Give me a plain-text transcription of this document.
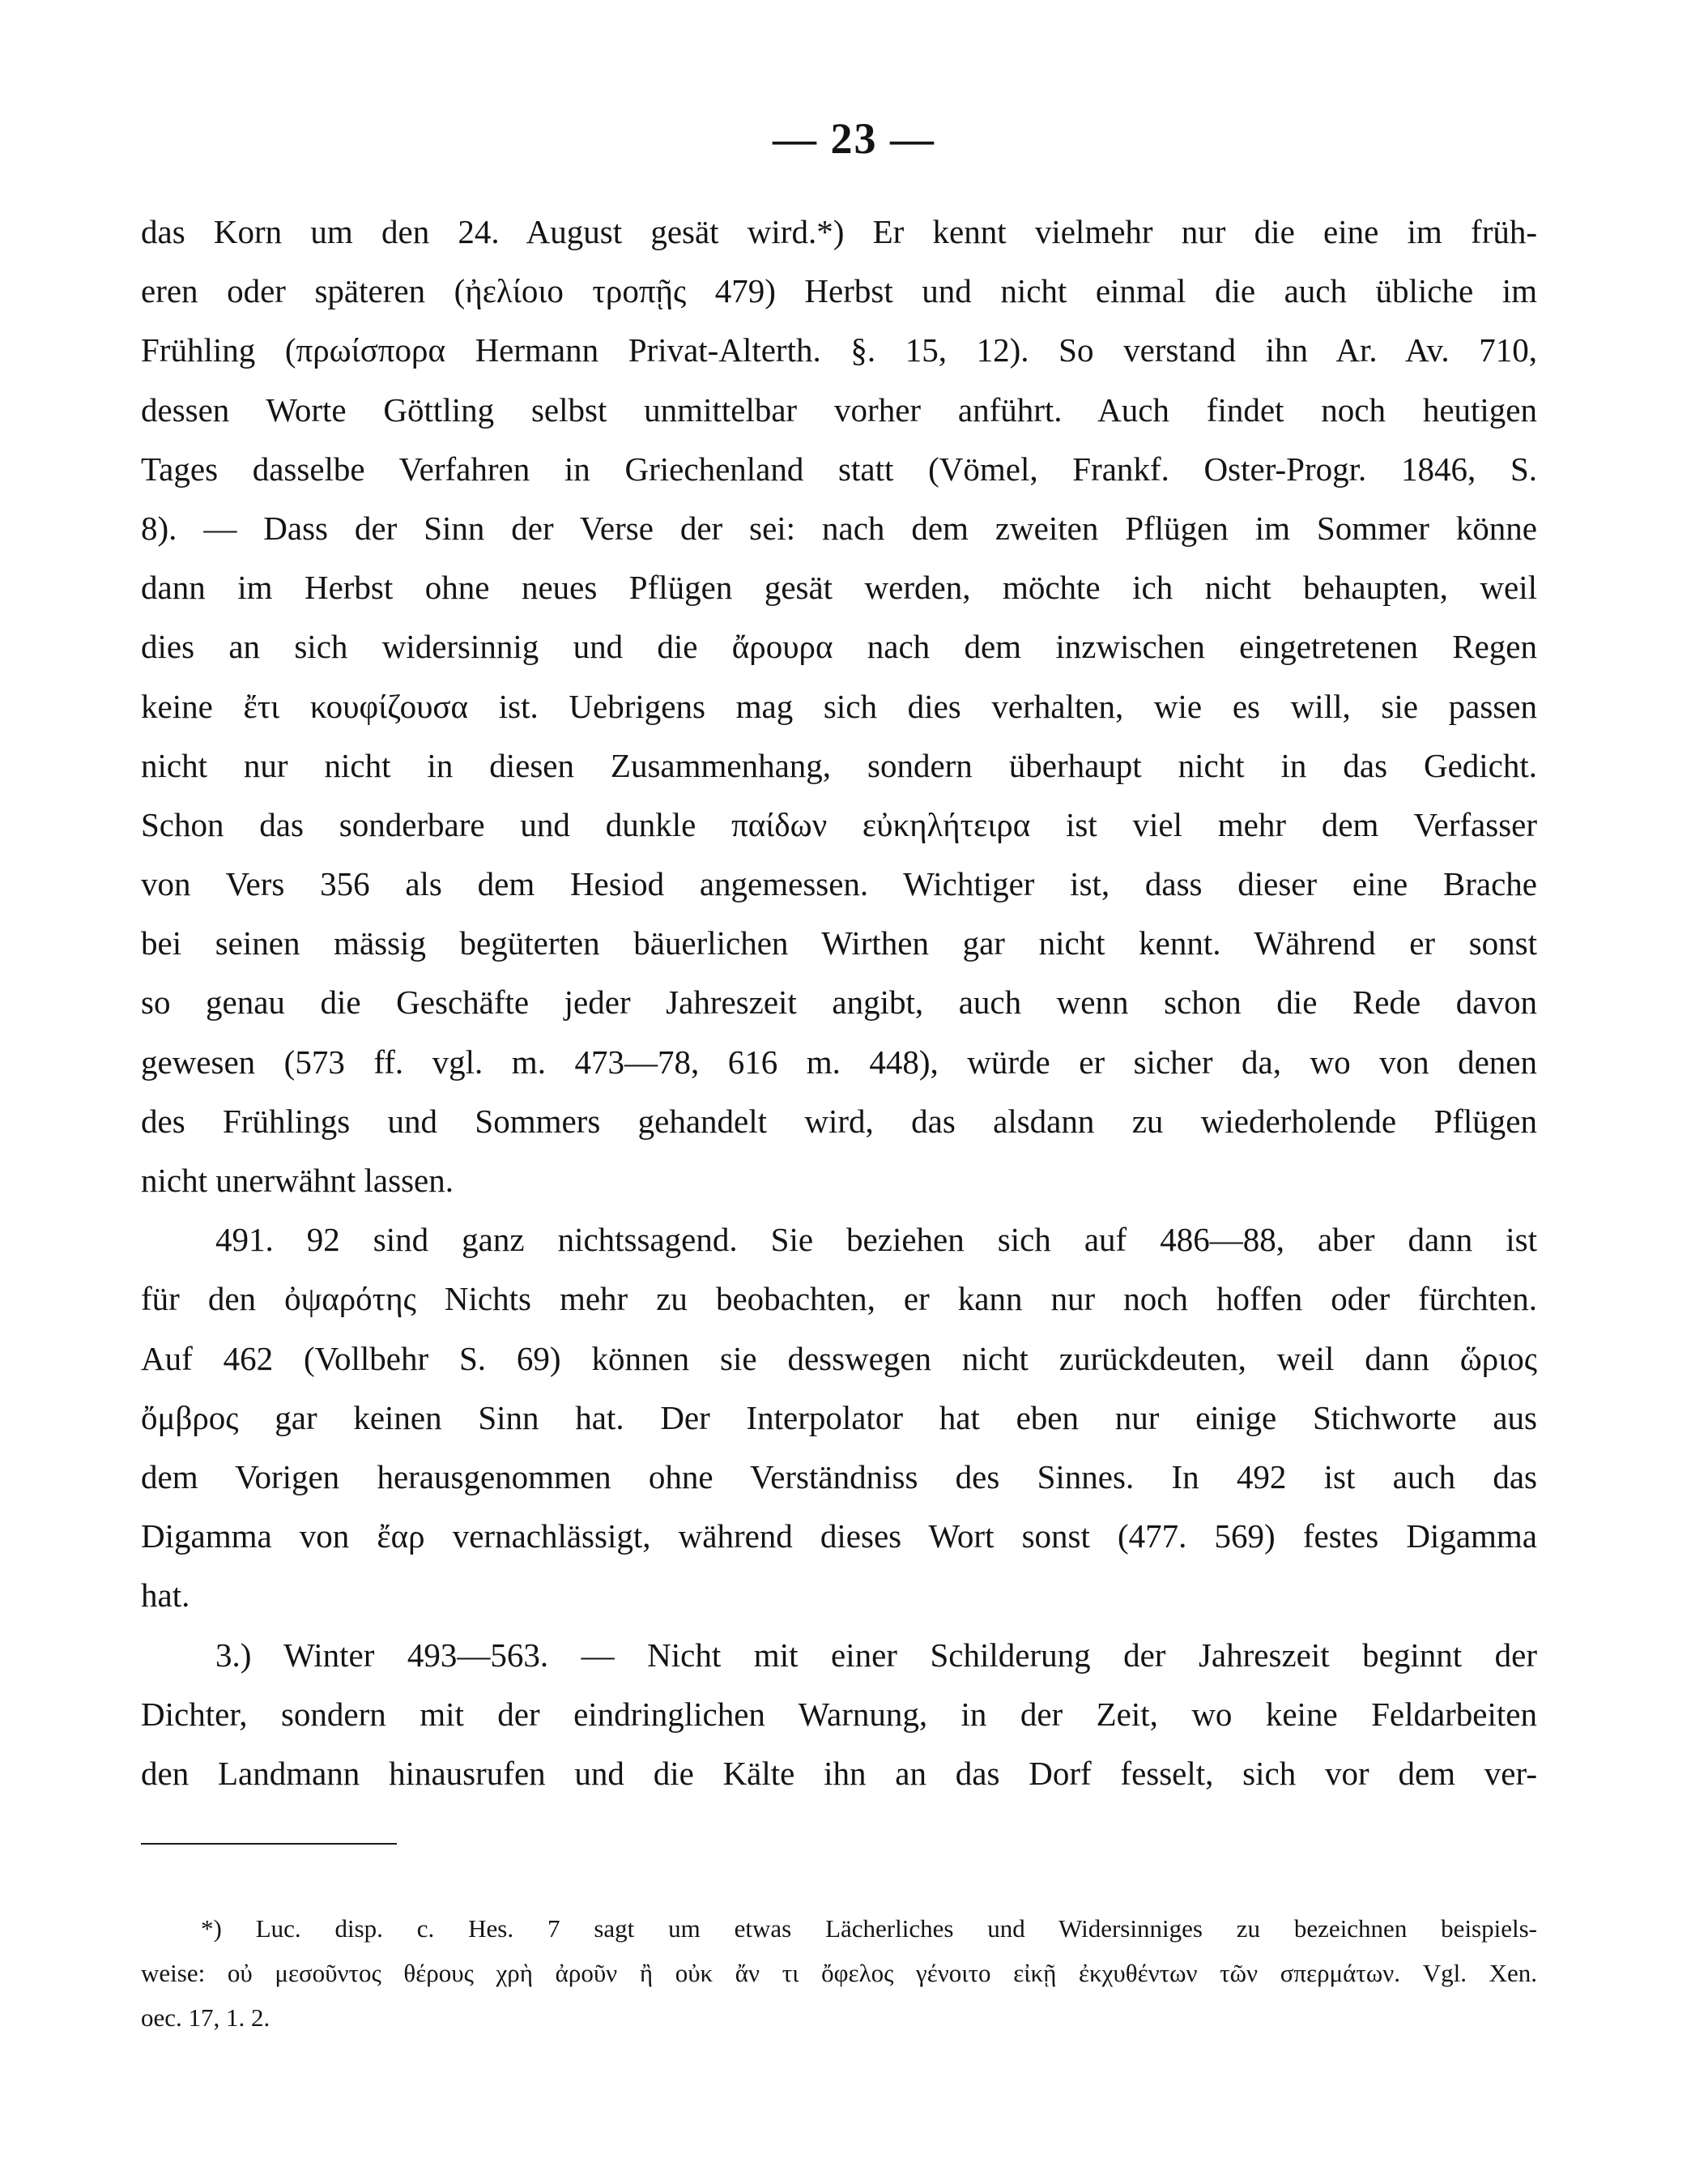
— 23 —
das Korn um den 24. August gesät wird.*) Er kennt vielmehr nur die eine im früh-
eren oder späteren (ἠελίοιο τροπῇς 479) Herbst und nicht einmal die auch übliche im
Frühling (πρωίσπορα Hermann Privat-Alterth. §. 15, 12). So verstand ihn Ar. Av. 710,
dessen Worte Göttling selbst unmittelbar vorher anführt. Auch findet noch heutigen
Tages dasselbe Verfahren in Griechenland statt (Vömel, Frankf. Oster-Progr. 1846, S.
8). — Dass der Sinn der Verse der sei: nach dem zweiten Pflügen im Sommer könne
dann im Herbst ohne neues Pflügen gesät werden, möchte ich nicht behaupten, weil
dies an sich widersinnig und die ἄρουρα nach dem inzwischen eingetretenen Regen
keine ἔτι κουφίζουσα ist. Uebrigens mag sich dies verhalten, wie es will, sie passen
nicht nur nicht in diesen Zusammenhang, sondern überhaupt nicht in das Gedicht.
Schon das sonderbare und dunkle παίδων εὐκηλήτειρα ist viel mehr dem Verfasser
von Vers 356 als dem Hesiod angemessen. Wichtiger ist, dass dieser eine Brache
bei seinen mässig begüterten bäuerlichen Wirthen gar nicht kennt. Während er sonst
so genau die Geschäfte jeder Jahreszeit angibt, auch wenn schon die Rede davon
gewesen (573 ff. vgl. m. 473—78, 616 m. 448), würde er sicher da, wo von denen
des Frühlings und Sommers gehandelt wird, das alsdann zu wiederholende Pflügen
nicht unerwähnt lassen.
491. 92 sind ganz nichtssagend. Sie beziehen sich auf 486—88, aber dann ist
für den ὀψαρότης Nichts mehr zu beobachten, er kann nur noch hoffen oder fürchten.
Auf 462 (Vollbehr S. 69) können sie desswegen nicht zurückdeuten, weil dann ὥριος
ὄμβρος gar keinen Sinn hat. Der Interpolator hat eben nur einige Stichworte aus
dem Vorigen herausgenommen ohne Verständniss des Sinnes. In 492 ist auch das
Digamma von ἔαρ vernachlässigt, während dieses Wort sonst (477. 569) festes Digamma
hat.
3.) Winter 493—563. — Nicht mit einer Schilderung der Jahreszeit beginnt der
Dichter, sondern mit der eindringlichen Warnung, in der Zeit, wo keine Feldarbeiten
den Landmann hinausrufen und die Kälte ihn an das Dorf fesselt, sich vor dem ver-
*) Luc. disp. c. Hes. 7 sagt um etwas Lächerliches und Widersinniges zu bezeichnen beispiels-
weise: οὐ μεσοῦντος θέρους χρὴ ἀροῦν ἢ οὐκ ἄν τι ὄφελος γένοιτο εἰκῇ ἐκχυθέντων τῶν σπερμάτων. Vgl. Xen.
oec. 17, 1. 2.
